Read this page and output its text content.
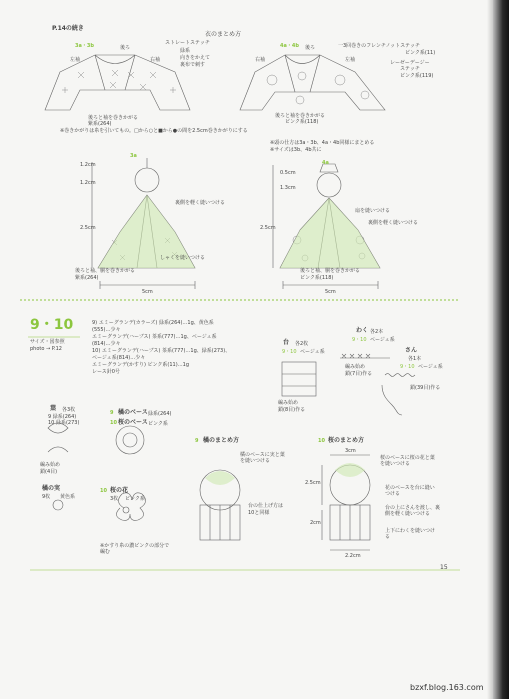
P.14の続き
衣のまとめ方
3a・3b	後ろ
左袖	右袖
ストレートステッチ
緑系
向きをかえて
裏布で刺す
後ろと袖を巻きかがる
紫系(264)
※巻きかがりは糸を引いてもの。□から○と■から●の間を2.5cm巻きかがりにする
4a・4b 後ろ
右袖	左袖
一3回巻きのフレンチノットステッチ
ピンク系(11)
レーゼーデージー
ステッチ
ピンク系(119)
後ろと袖を巻きかがる
ピンク系(118)
※頭の仕方は3a・3b、4a・4b同様にまとめる
※サイズは3b、4b共に
3a
1.2cm
1.2cm
2.5cm
5cm
裏側を軽く縫いつける
しゃくを縫いつける
後ろと袖、胴を巻きかがる
紫系(264)
4a
0.5cm
1.3cm
2.5cm
5cm
扇を縫いつける
裏側を軽く縫いつける
後ろと袖、胴を巻きかがる
ピンク系(118)
9・10
サイズ・図参照
photo → P.12
9) エミーグランデ(カラーズ) 緑系(264)…1g、黄色系
(555)…少々
エミーグランデ(ハーブス) 茶系(777)…1g、ベージュ系
(814)…少々
10) エミーグランデ(ハーブス) 茶系(777)…1g、緑系(273)、
ベージュ系(814)…少々
エミーグランデ(かすり) ピンク系(11)…1g
レース針0号
台 各2枚
9・10 ベージュ系
編み始め
鎖(8目)作る
わく 各2本
9・10 ベージュ系
編み始め
鎖(7目)作る
さん
各1本
9・10 ベージュ系
鎖(39目)作る
葉 各3枚
9 緑系(264)
10 緑系(273)
編み始め
鎖(4目)
橘の実
9枚 黄色系
9 橘のベース 緑系(264)
10 桜のベース ピンク系
10 桜の花
3枚 ピンク系
※かすり糸の濃ピンクの部分で編む
9 橘のまとめ方
橘のベースに実と葉を縫いつける
台の仕上げ方は
10と同様
10 桜のまとめ方
3cm
2.5cm
2cm
2.2cm
桜のベースに桜の花と葉を縫いつける
花のベースを台に縫いつける
台の上にさんを渡し、裏側を軽く縫いつける
上下にわくを縫いつける
15
bzxf.blog.163.com
